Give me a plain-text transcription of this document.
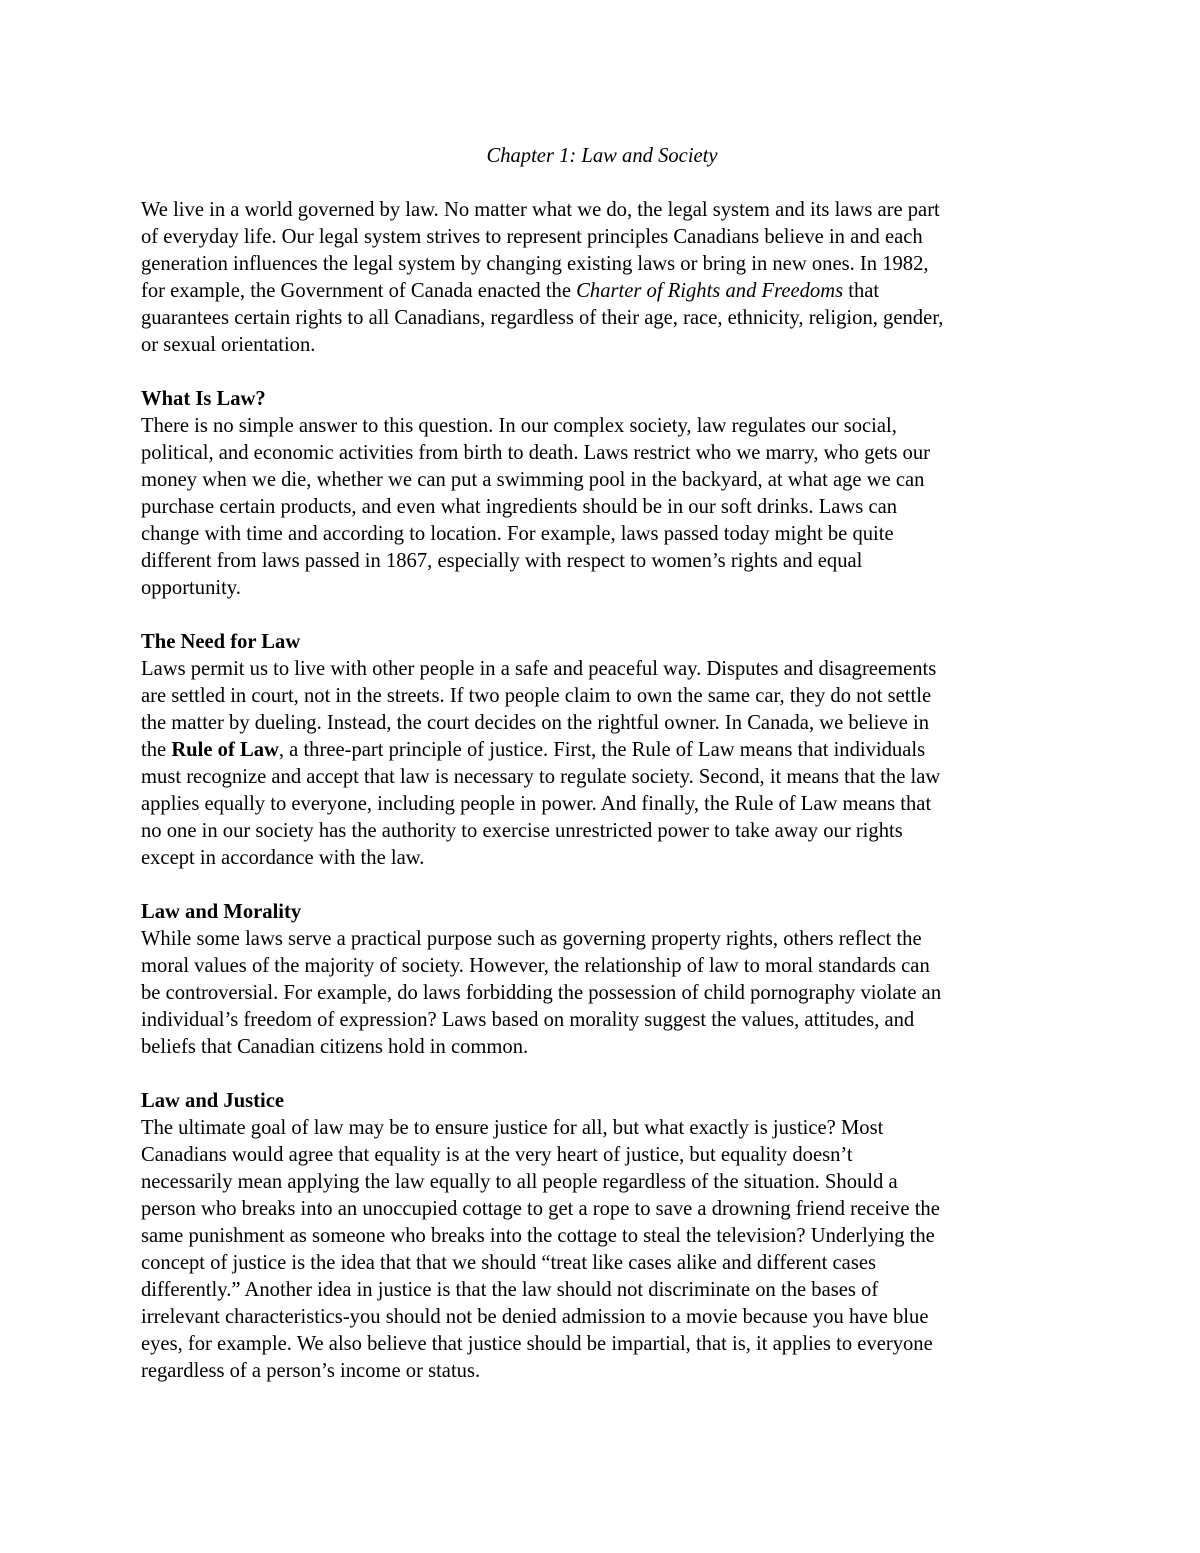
Chapter 1: Law and Society

We live in a world governed by law. No matter what we do, the legal system and its laws are part
of everyday life. Our legal system strives to represent principles Canadians believe in and each
generation influences the legal system by changing existing laws or bring in new ones. In 1982,
for example, the Government of Canada enacted the Charter of Rights and Freedoms that
guarantees certain rights to all Canadians, regardless of their age, race, ethnicity, religion, gender,
or sexual orientation.

What Is Law?

There is no simple answer to this question. In our complex society, law regulates our social,
political, and economic activities from birth to death. Laws restrict who we marry, who gets our
money when we die, whether we can put a swimming pool in the backyard, at what age we can
purchase certain products, and even what ingredients should be in our soft drinks. Laws can
change with time and according to location. For example, laws passed today might be quite
different from laws passed in 1867, especially with respect to women’s rights and equal
opportunity.

The Need for Law

Laws permit us to live with other people in a safe and peaceful way. Disputes and disagreements
are settled in court, not in the streets. If two people claim to own the same car, they do not settle
the matter by dueling. Instead, the court decides on the rightful owner. In Canada, we believe in
the Rule of Law, a three-part principle of justice. First, the Rule of Law means that individuals
must recognize and accept that law is necessary to regulate society. Second, it means that the law
applies equally to everyone, including people in power. And finally, the Rule of Law means that
no one in our society has the authority to exercise unrestricted power to take away our rights
except in accordance with the law.

Law and Morality

While some laws serve a practical purpose such as governing property rights, others reflect the
moral values of the majority of society. However, the relationship of law to moral standards can
be controversial. For example, do laws forbidding the possession of child pornography violate an
individual’s freedom of expression? Laws based on morality suggest the values, attitudes, and
beliefs that Canadian citizens hold in common.

Law and Justice

The ultimate goal of law may be to ensure justice for all, but what exactly is justice? Most
Canadians would agree that equality is at the very heart of justice, but equality doesn’t
necessarily mean applying the law equally to all people regardless of the situation. Should a
person who breaks into an unoccupied cottage to get a rope to save a drowning friend receive the
same punishment as someone who breaks into the cottage to steal the television? Underlying the
concept of justice is the idea that that we should “treat like cases alike and different cases
differently.” Another idea in justice is that the law should not discriminate on the bases of
irrelevant characteristics-you should not be denied admission to a movie because you have blue
eyes, for example. We also believe that justice should be impartial, that is, it applies to everyone
regardless of a person’s income or status.
